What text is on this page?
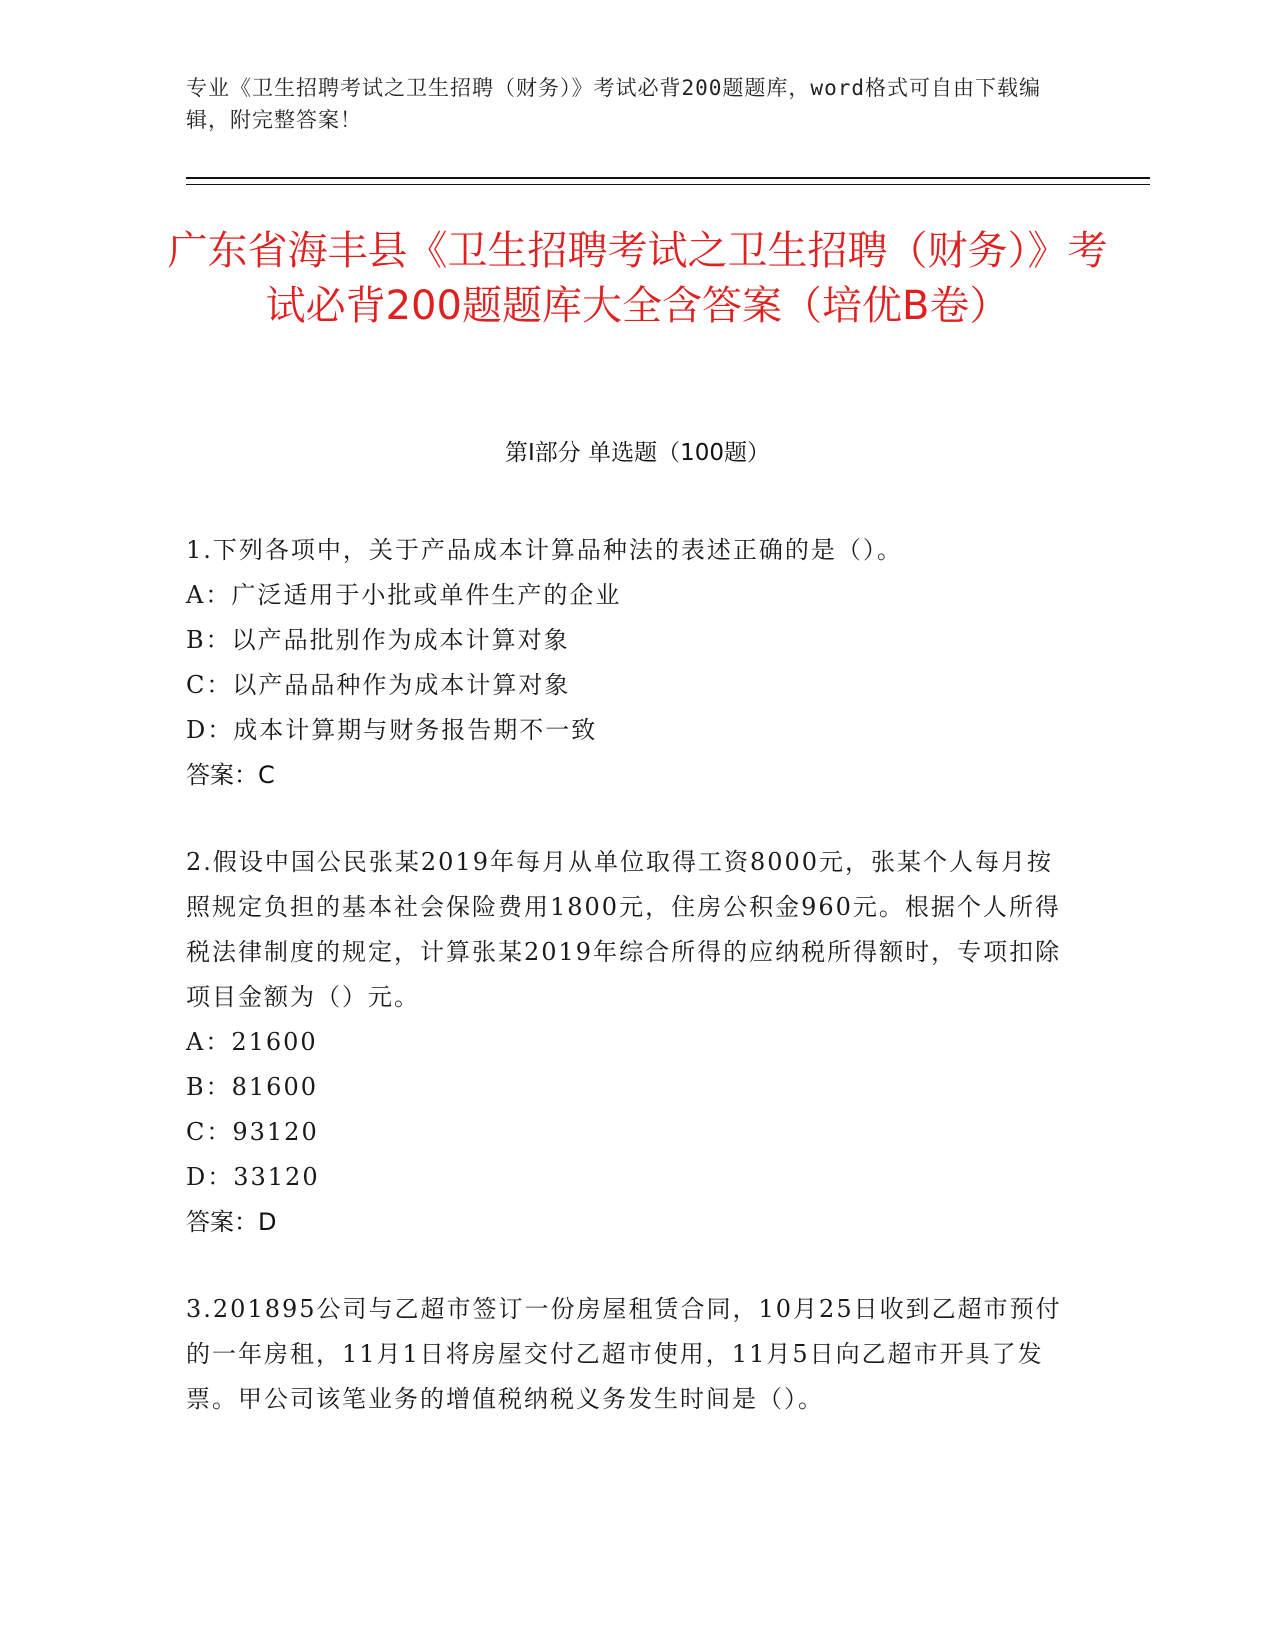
专业《卫生招聘考试之卫生招聘（财务）》考试必背200题题库，word格式可自由下载编辑，附完整答案！
广东省海丰县《卫生招聘考试之卫生招聘（财务）》考试必背200题题库大全含答案（培优B卷）
第I部分 单选题（100题）
1.下列各项中，关于产品成本计算品种法的表述正确的是（）。
A：广泛适用于小批或单件生产的企业
B：以产品批别作为成本计算对象
C：以产品品种作为成本计算对象
D：成本计算期与财务报告期不一致
答案：C
2.假设中国公民张某2019年每月从单位取得工资8000元，张某个人每月按照规定负担的基本社会保险费用1800元，住房公积金960元。根据个人所得税法律制度的规定，计算张某2019年综合所得的应纳税所得额时，专项扣除项目金额为（）元。
A：21600
B：81600
C：93120
D：33120
答案：D
3.201895公司与乙超市签订一份房屋租赁合同，10月25日收到乙超市预付的一年房租，11月1日将房屋交付乙超市使用，11月5日向乙超市开具了发票。甲公司该笔业务的增值税纳税义务发生时间是（）。
